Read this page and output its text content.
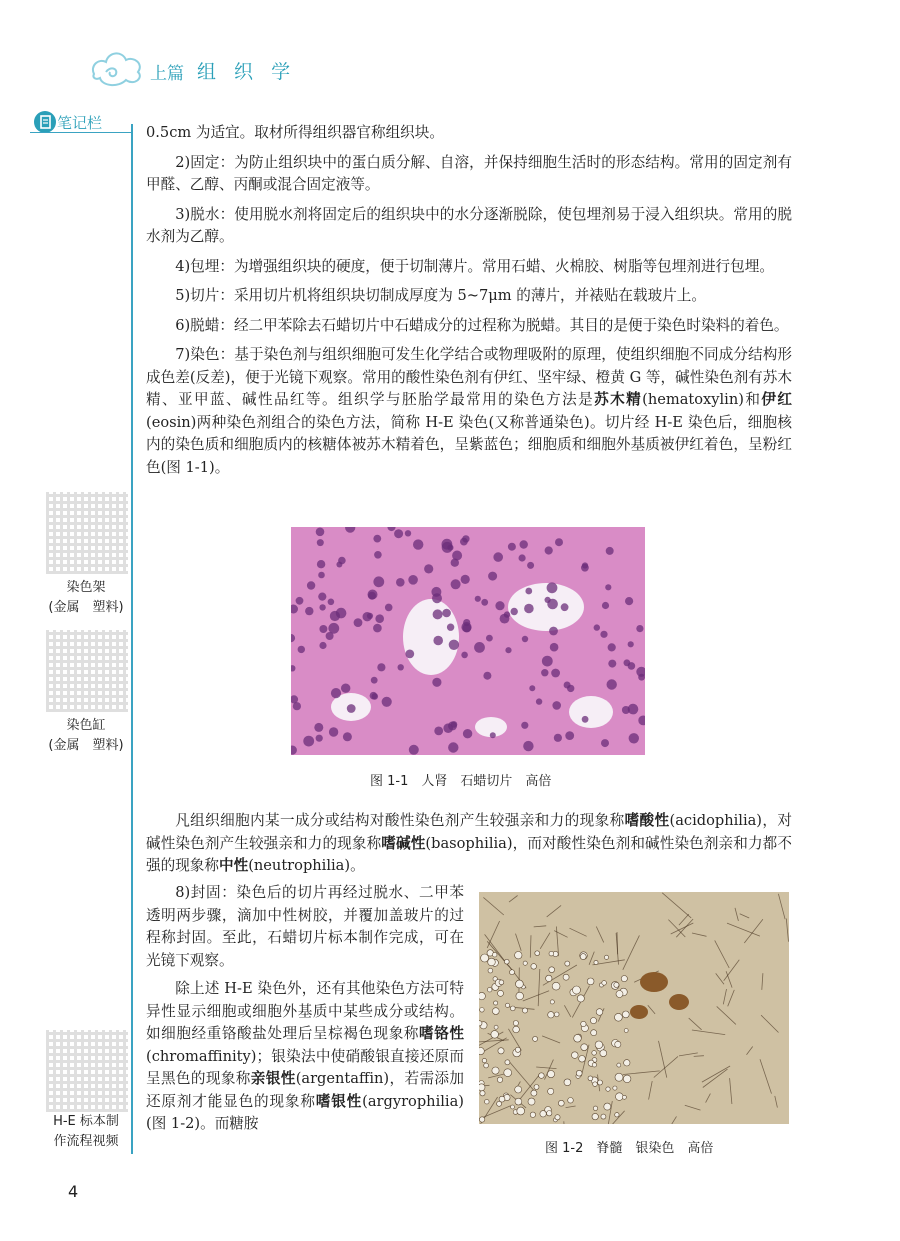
上篇 组 织 学
笔记栏
染色架
(金属　塑料)
染色缸
(金属　塑料)
H-E 标本制
作流程视频

0.5cm 为适宜。取材所得组织器官称组织块。

2)固定：为防止组织块中的蛋白质分解、自溶，并保持细胞生活时的形态结构。常用的固定剂有甲醛、乙醇、丙酮或混合固定液等。

3)脱水：使用脱水剂将固定后的组织块中的水分逐渐脱除，使包埋剂易于浸入组织块。常用的脱水剂为乙醇。

4)包埋：为增强组织块的硬度，便于切制薄片。常用石蜡、火棉胶、树脂等包埋剂进行包埋。

5)切片：采用切片机将组织块切制成厚度为 5~7μm 的薄片，并裱贴在载玻片上。

6)脱蜡：经二甲苯除去石蜡切片中石蜡成分的过程称为脱蜡。其目的是便于染色时染料的着色。

7)染色：基于染色剂与组织细胞可发生化学结合或物理吸附的原理，使组织细胞不同成分结构形成色差(反差)，便于光镜下观察。常用的酸性染色剂有伊红、坚牢绿、橙黄 G 等，碱性染色剂有苏木精、亚甲蓝、碱性品红等。组织学与胚胎学最常用的染色方法是苏木精(hematoxylin)和伊红(eosin)两种染色剂组合的染色方法，简称 H-E 染色(又称普通染色)。切片经 H-E 染色后，细胞核内的染色质和细胞质内的核糖体被苏木精着色，呈紫蓝色；细胞质和细胞外基质被伊红着色，呈粉红色(图 1-1)。

图 1-1　人肾　石蜡切片　高倍

凡组织细胞内某一成分或结构对酸性染色剂产生较强亲和力的现象称嗜酸性(acidophilia)，对碱性染色剂产生较强亲和力的现象称嗜碱性(basophilia)，而对酸性染色剂和碱性染色剂亲和力都不强的现象称中性(neutrophilia)。

8)封固：染色后的切片再经过脱水、二甲苯透明两步骤，滴加中性树胶，并覆加盖玻片的过程称封固。至此，石蜡切片标本制作完成，可在光镜下观察。

除上述 H-E 染色外，还有其他染色方法可特异性显示细胞或细胞外基质中某些成分或结构。如细胞经重铬酸盐处理后呈棕褐色现象称嗜铬性(chromaffinity)；银染法中使硝酸银直接还原而呈黑色的现象称亲银性(argentaffin)，若需添加还原剂才能显色的现象称嗜银性(argyrophilia)(图 1-2)。而糖胺

图 1-2　脊髓　银染色　高倍
4
